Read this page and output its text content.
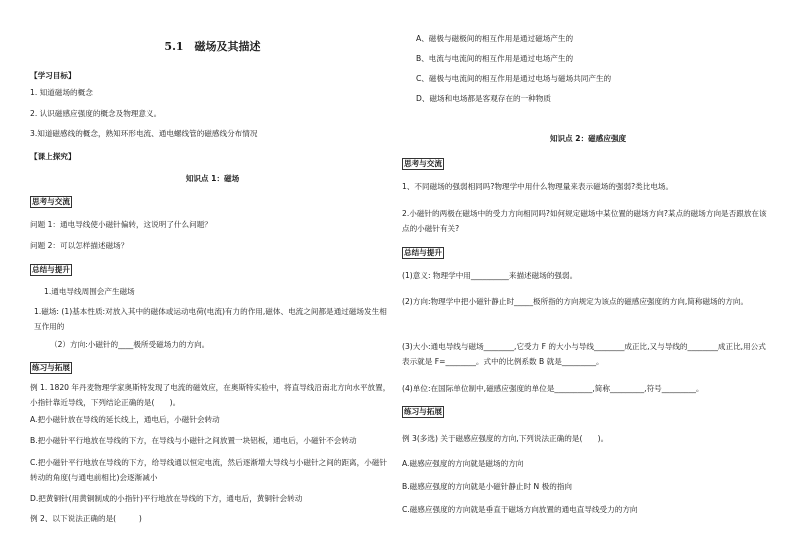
5.1　磁场及其描述
【学习目标】
1. 知道磁场的概念
2. 认识磁感应强度的概念及物理意义。
3.知道磁感线的概念，熟知环形电流、通电螺线管的磁感线分布情况
【课上探究】
知识点 1：磁场
思考与交流
问题 1：通电导线使小磁针偏转，这说明了什么问题？
问题 2：可以怎样描述磁场？
总结与提升
1.通电导线周围会产生磁场
1.磁场: (1)基本性质:对放入其中的磁体或运动电荷(电流)有力的作用,磁体、电流之间都是通过磁场发生相互作用的
（2）方向:小磁针的____极所受磁场力的方向。
练习与拓展
例 1. 1820 年丹麦物理学家奥斯特发现了电流的磁效应，在奥斯特实验中，将直导线沿南北方向水平放置，小指针靠近导线，下列结论正确的是(　　)。
A.把小磁针放在导线的延长线上，通电后，小磁针会转动
B.把小磁针平行地放在导线的下方，在导线与小磁针之间放置一块铝板，通电后，小磁针不会转动
C.把小磁针平行地放在导线的下方，给导线通以恒定电流，然后逐渐增大导线与小磁针之间的距离，小磁针转动的角度(与通电前相比)会逐渐减小
D.把黄铜针(用黄铜制成的小指针)平行地放在导线的下方，通电后，黄铜针会转动
例 2、以下说法正确的是(　　　)
A、磁极与磁极间的相互作用是通过磁场产生的
B、电流与电流间的相互作用是通过电场产生的
C、磁极与电流间的相互作用是通过电场与磁场共同产生的
D、磁场和电场都是客观存在的一种物质
知识点 2：磁感应强度
思考与交流
1、不同磁场的强弱相同吗?物理学中用什么物理量来表示磁场的强弱?类比电场。
2.小磁针的两极在磁场中的受力方向相同吗?如何规定磁场中某位置的磁场方向?某点的磁场方向是否跟放在该点的小磁针有关?
总结与提升
(1)意义: 物理学中用__________来描述磁场的强弱。
(2)方向:物理学中把小磁针静止时_____极所指的方向规定为该点的磁感应强度的方向,简称磁场的方向。
(3)大小:通电导线与磁场________,它受力 F 的大小与导线________成正比,又与导线的________成正比,用公式表示就是 F=________。式中的比例系数 B 就是_________。
(4)单位:在国际单位制中,磁感应强度的单位是__________,简称_________,符号_________。
练习与拓展
例 3(多选) 关于磁感应强度的方向,下列说法正确的是(　　)。
A.磁感应强度的方向就是磁场的方向
B.磁感应强度的方向就是小磁针静止时 N 极的指向
C.磁感应强度的方向就是垂直于磁场方向放置的通电直导线受力的方向
